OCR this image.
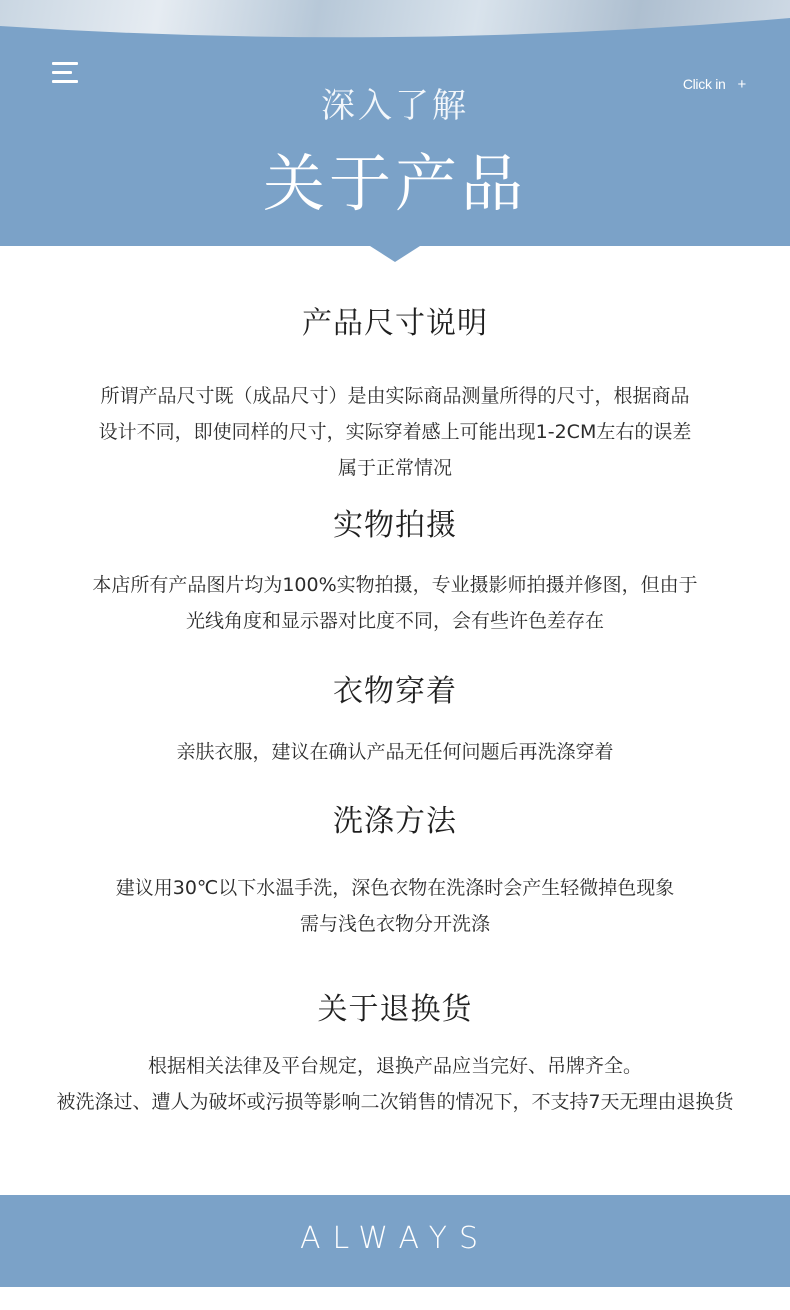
Click in +
深入了解
关于产品
产品尺寸说明

所谓产品尺寸既（成品尺寸）是由实际商品测量所得的尺寸，根据商品
设计不同，即使同样的尺寸，实际穿着感上可能出现1-2CM左右的误差
属于正常情况

实物拍摄

本店所有产品图片均为100%实物拍摄，专业摄影师拍摄并修图，但由于
光线角度和显示器对比度不同，会有些许色差存在

衣物穿着

亲肤衣服，建议在确认产品无任何问题后再洗涤穿着

洗涤方法

建议用30℃以下水温手洗，深色衣物在洗涤时会产生轻微掉色现象
需与浅色衣物分开洗涤

关于退换货

根据相关法律及平台规定，退换产品应当完好、吊牌齐全。
被洗涤过、遭人为破坏或污损等影响二次销售的情况下，不支持7天无理由退换货

ALWAYS
